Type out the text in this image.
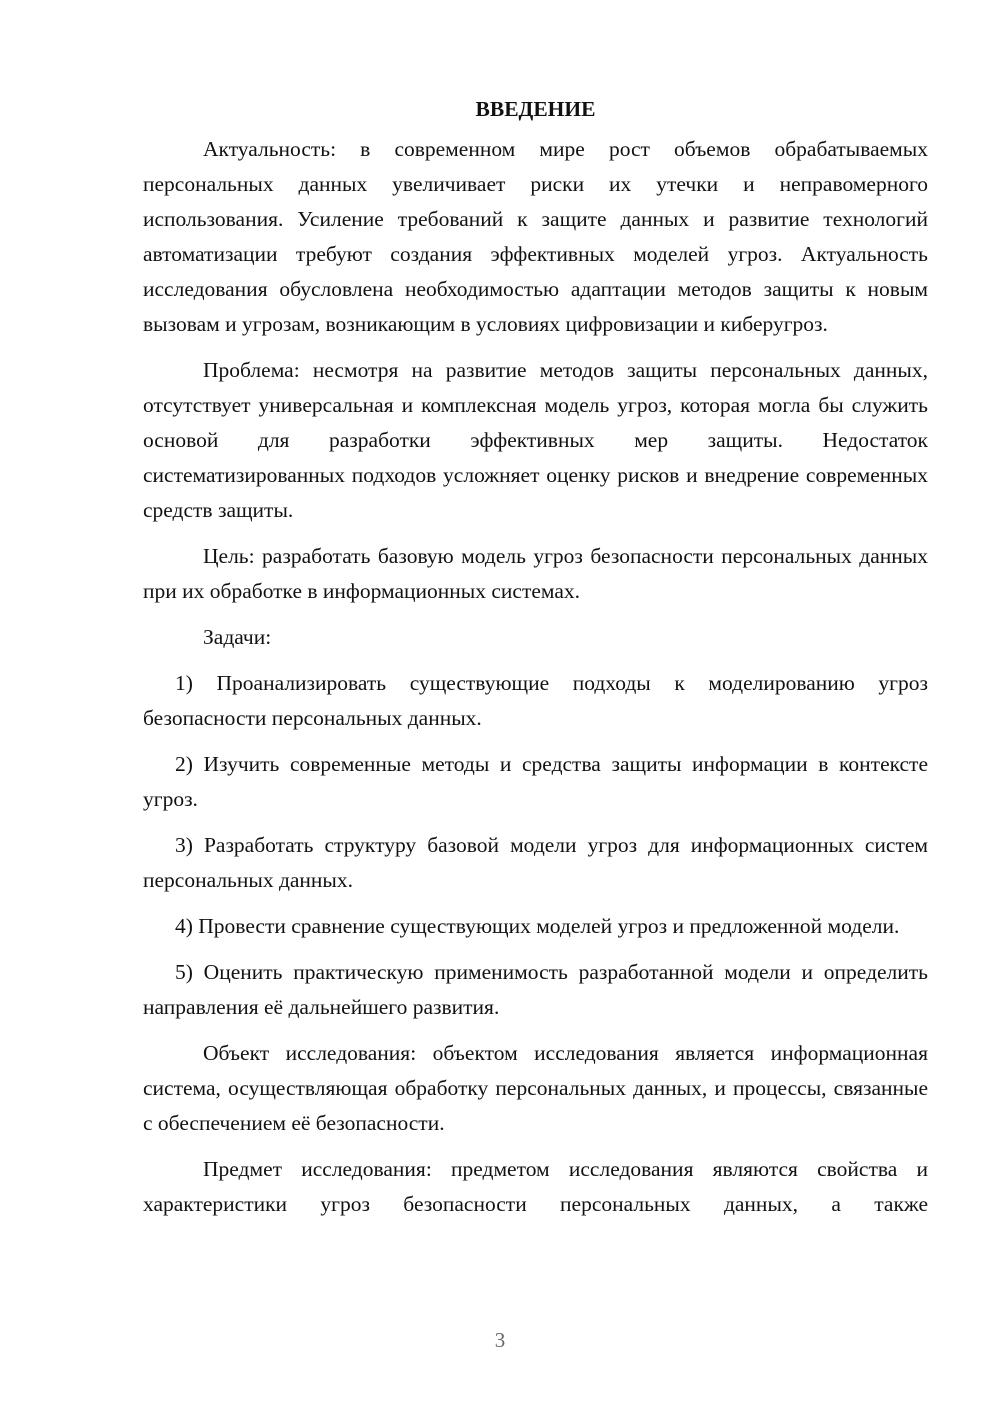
ВВЕДЕНИЕ

Актуальность: в современном мире рост объемов обрабатываемых персональных данных увеличивает риски их утечки и неправомерного использования. Усиление требований к защите данных и развитие технологий автоматизации требуют создания эффективных моделей угроз. Актуальность исследования обусловлена необходимостью адаптации методов защиты к новым вызовам и угрозам, возникающим в условиях цифровизации и киберугроз.

Проблема: несмотря на развитие методов защиты персональных данных, отсутствует универсальная и комплексная модель угроз, которая могла бы служить основой для разработки эффективных мер защиты. Недостаток систематизированных подходов усложняет оценку рисков и внедрение современных средств защиты.

Цель: разработать базовую модель угроз безопасности персональных данных при их обработке в информационных системах.

Задачи:

1) Проанализировать существующие подходы к моделированию угроз безопасности персональных данных.

2) Изучить современные методы и средства защиты информации в контексте угроз.

3) Разработать структуру базовой модели угроз для информационных систем персональных данных.

4) Провести сравнение существующих моделей угроз и предложенной модели.

5) Оценить практическую применимость разработанной модели и определить направления её дальнейшего развития.

Объект исследования: объектом исследования является информационная система, осуществляющая обработку персональных данных, и процессы, связанные с обеспечением её безопасности.

Предмет исследования: предметом исследования являются свойства и характеристики угроз безопасности персональных данных, а также

3
